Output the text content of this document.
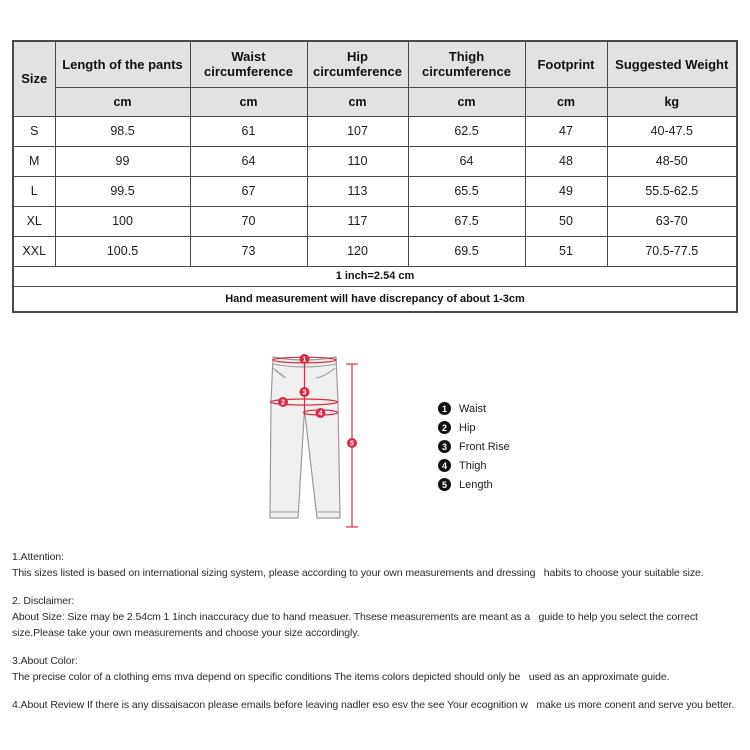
Size	Length of the pants	Waist circumference	Hip circumference	Thigh circumference	Footprint	Suggested Weight
	cm	cm	cm	cm	cm	kg
S	98.5	61	107	62.5	47	40-47.5
M	99	64	110	64	48	48-50
L	99.5	67	113	65.5	49	55.5-62.5
XL	100	70	117	67.5	50	63-70
XXL	100.5	73	120	69.5	51	70.5-77.5
1 inch=2.54 cm						
Hand measurement will have discrepancy of about 1-3cm						
1
2
3
4
5
1	Waist
2	Hip
3	Front Rise
4	Thigh
5	Length
1.Attention:
This sizes listed is based on international sizing system, please according to your own measurements and dressing   habits to choose your suitable size.
2. Disclaimer:
About Size: Size may be 2.54cm 1 1inch inaccuracy due to hand measuer. Thsese measurements are meant as a   guide to help you select the correct size.Please take your own measurements and choose your size accordingly.
3.About Color:
The precise color of a clothing ems mva depend on specific conditions The items colors depicted should only be   used as an approximate guide.
4.About Review If there is any dissaisacon please emails before leaving nadler eso esv the see Your ecognition w   make us more conent and serve you better.
